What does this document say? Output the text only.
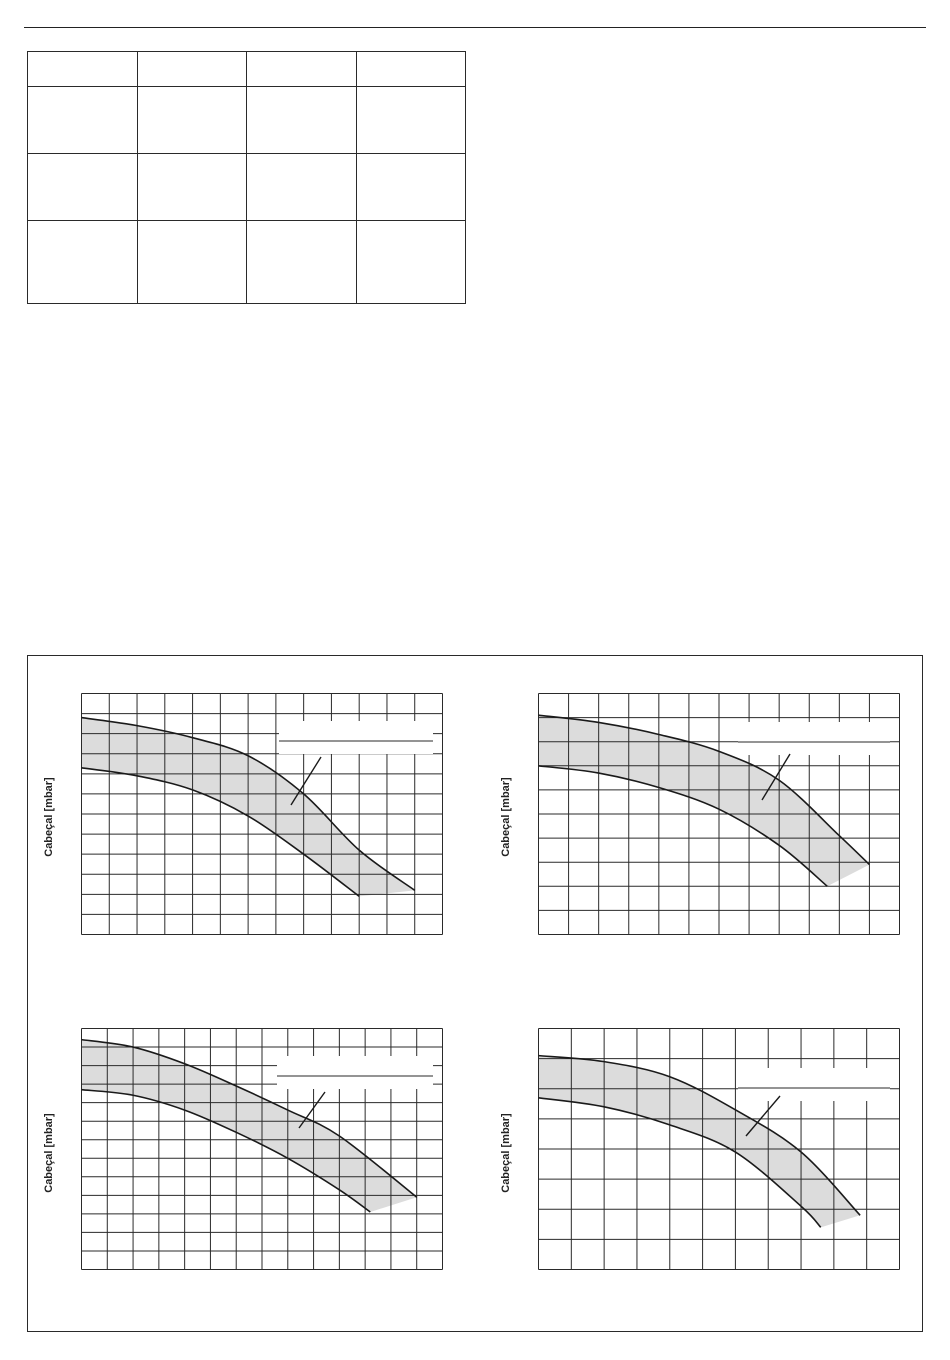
Cabeçal [mbar]	Cabeçal [mbar]
Cabeçal [mbar]	Cabeçal [mbar]
